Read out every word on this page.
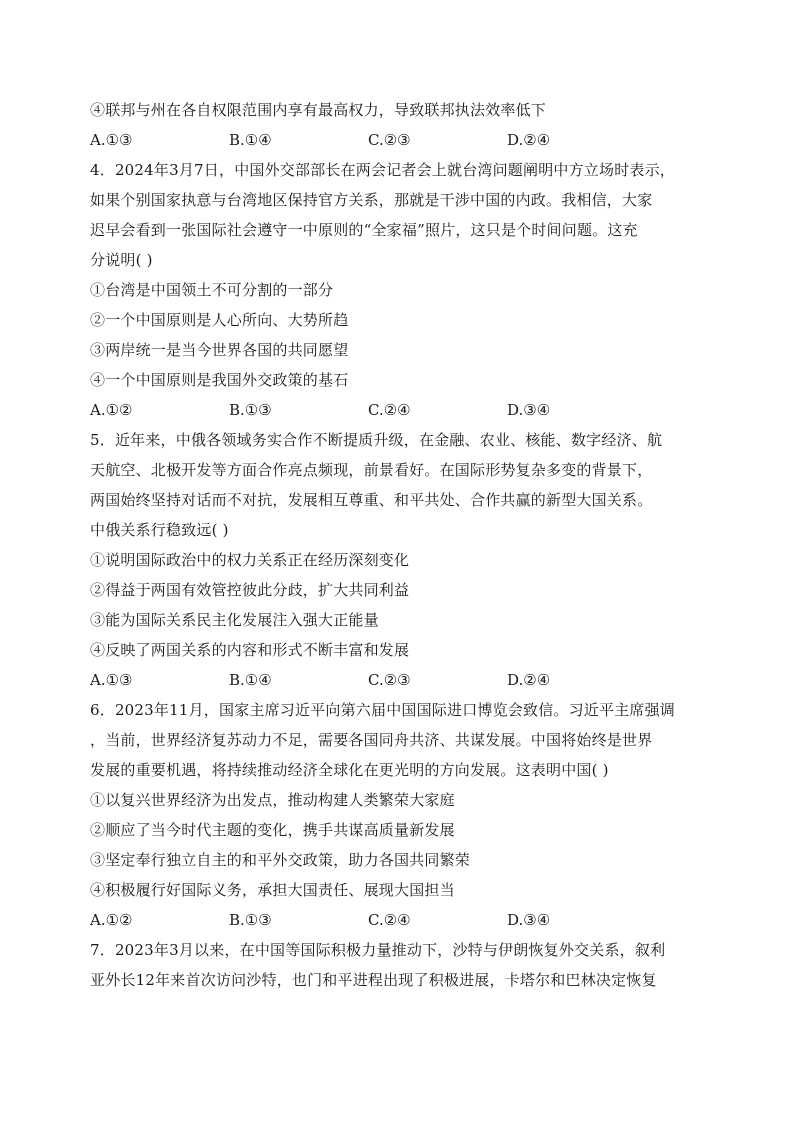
④联邦与州在各自权限范围内享有最高权力，导致联邦执法效率低下
A.①③	B.①④	C.②③	D.②④
4．2024年3月7日，中国外交部部长在两会记者会上就台湾问题阐明中方立场时表示，
如果个别国家执意与台湾地区保持官方关系，那就是干涉中国的内政。我相信，大家
迟早会看到一张国际社会遵守一中原则的“全家福”照片，这只是个时间问题。这充
分说明( )
①台湾是中国领土不可分割的一部分
②一个中国原则是人心所向、大势所趋
③两岸统一是当今世界各国的共同愿望
④一个中国原则是我国外交政策的基石
A.①②	B.①③	C.②④	D.③④
5．近年来，中俄各领域务实合作不断提质升级，在金融、农业、核能、数字经济、航
天航空、北极开发等方面合作亮点频现，前景看好。在国际形势复杂多变的背景下，
两国始终坚持对话而不对抗，发展相互尊重、和平共处、合作共赢的新型大国关系。
中俄关系行稳致远( )
①说明国际政治中的权力关系正在经历深刻变化
②得益于两国有效管控彼此分歧，扩大共同利益
③能为国际关系民主化发展注入强大正能量
④反映了两国关系的内容和形式不断丰富和发展
A.①③	B.①④	C.②③	D.②④
6．2023年11月，国家主席习近平向第六届中国国际进口博览会致信。习近平主席强调
，当前，世界经济复苏动力不足，需要各国同舟共济、共谋发展。中国将始终是世界
发展的重要机遇，将持续推动经济全球化在更光明的方向发展。这表明中国( )
①以复兴世界经济为出发点，推动构建人类繁荣大家庭
②顺应了当今时代主题的变化，携手共谋高质量新发展
③坚定奉行独立自主的和平外交政策，助力各国共同繁荣
④积极履行好国际义务，承担大国责任、展现大国担当
A.①②	B.①③	C.②④	D.③④
7．2023年3月以来，在中国等国际积极力量推动下，沙特与伊朗恢复外交关系，叙利
亚外长12年来首次访问沙特，也门和平进程出现了积极进展，卡塔尔和巴林决定恢复
